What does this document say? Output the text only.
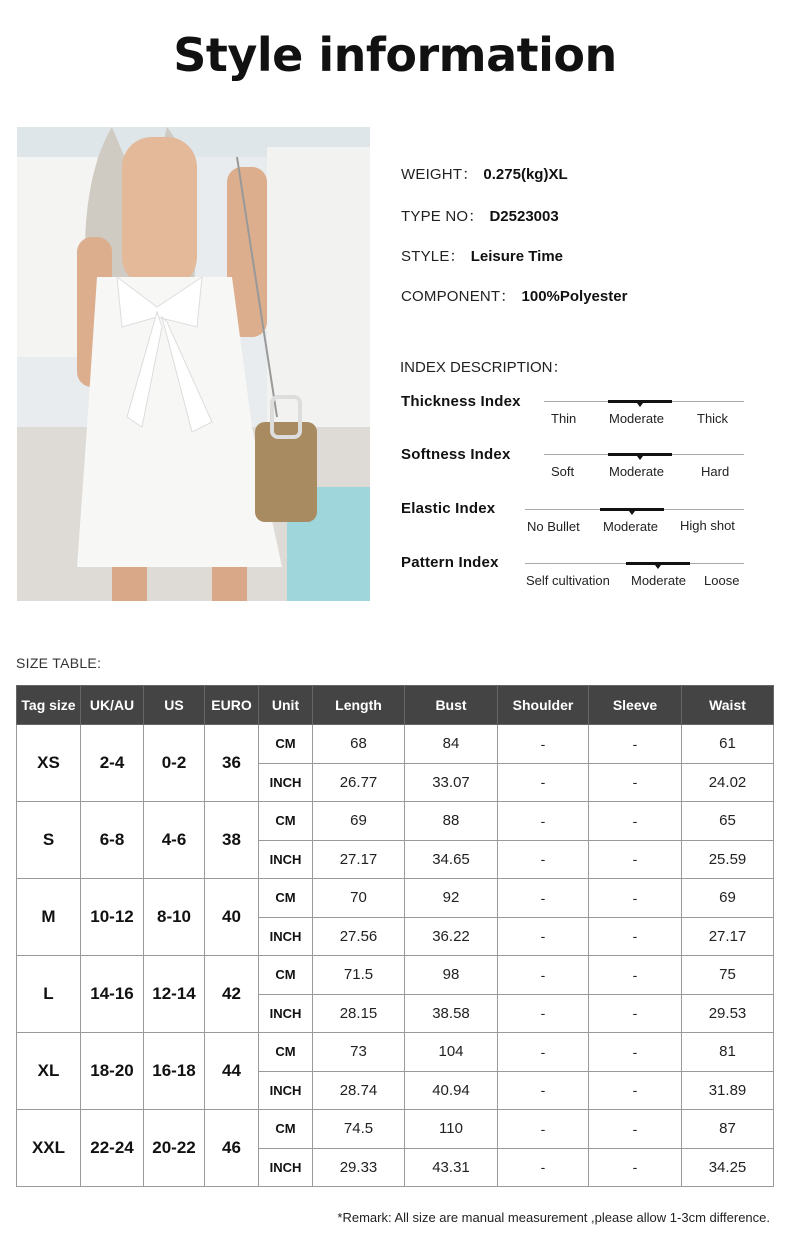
Style information
WEIGHT： 0.275(kg)XL
TYPE NO： D2523003
STYLE： Leisure Time
COMPONENT： 100%Polyester
INDEX DESCRIPTION：
Thickness Index
Thin	Moderate	Thick
Softness Index
Soft	Moderate	Hard
Elastic Index
No Bullet Moderate High shot
Pattern Index
Self cultivation Moderate Loose
SIZE TABLE:
Tag size	UK/AU	US	EURO	Unit	Length	Bust	Shoulder	Sleeve	Waist
XS	2-4	0-2	36	CM	68	84	-	-	61
				INCH	26.77	33.07	-	-	24.02
S	6-8	4-6	38	CM	69	88	-	-	65
				INCH	27.17	34.65	-	-	25.59
M	10-12	8-10	40	CM	70	92	-	-	69
				INCH	27.56	36.22	-	-	27.17
L	14-16	12-14	42	CM	71.5	98	-	-	75
				INCH	28.15	38.58	-	-	29.53
XL	18-20	16-18	44	CM	73	104	-	-	81
				INCH	28.74	40.94	-	-	31.89
XXL	22-24	20-22	46	CM	74.5	110	-	-	87
				INCH	29.33	43.31	-	-	34.25
*Remark: All size are manual measurement ,please allow 1-3cm difference.
